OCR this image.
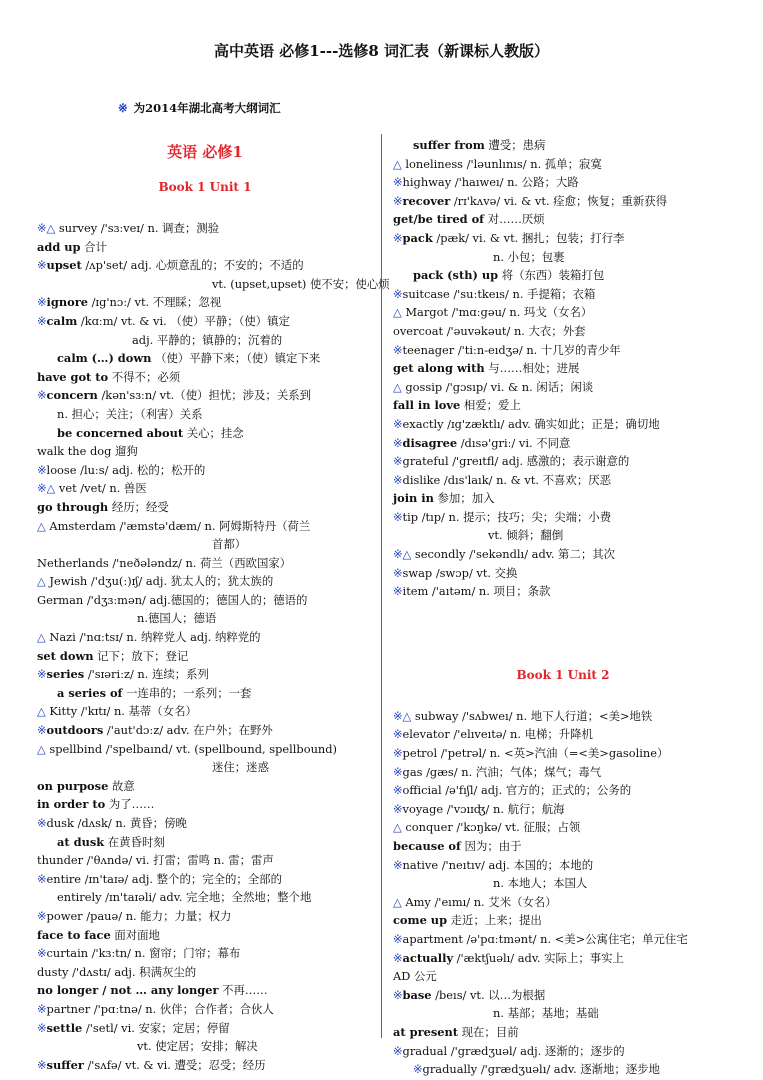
高中英语 必修1---选修8 词汇表（新课标人教版）
※ 为2014年湖北高考大纲词汇
英语 必修1
Book 1 Unit 1
※△ survey /'sɜːveɪ/ n. 调查；测验
add up 合计
※upset /ʌp'set/ adj. 心烦意乱的；不安的；不适的
vt. (upset,upset) 使不安；使心烦
※ignore /ɪg'nɔː/ vt. 不理睬；忽视
※calm /kɑːm/ vt. & vi. （使）平静；（使）镇定
adj. 平静的；镇静的；沉着的
calm (…) down （使）平静下来；（使）镇定下来
have got to 不得不；必须
※concern /kən'sɜːn/ vt.（使）担忧；涉及；关系到
n. 担心；关注；（利害）关系
be concerned about 关心；挂念
walk the dog 遛狗
※loose /luːs/ adj. 松的；松开的
※△ vet /vet/ n. 兽医
go through 经历；经受
△ Amsterdam /'æmstə'dæm/ n. 阿姆斯特丹（荷兰
首都）
Netherlands /'neðələndz/ n. 荷兰（西欧国家）
△ Jewish /'dʒu(ː)ɪʃ/ adj. 犹太人的；犹太族的
German /'dʒɜːmən/ adj.德国的；德国人的；德语的
n.德国人；德语
△ Nazi /'nɑːtsɪ/ n. 纳粹党人 adj. 纳粹党的
set down 记下；放下；登记
※series /'sɪəriːz/ n. 连续；系列
a series of 一连串的；一系列；一套
△ Kitty /'kɪtɪ/ n. 基蒂（女名）
※outdoors /'aut'dɔːz/ adv. 在户外；在野外
△ spellbind /'spelbaınd/ vt. (spellbound, spellbound)
迷住；迷惑
on purpose 故意
in order to 为了……
※dusk /dʌsk/ n. 黄昏；傍晚
at dusk 在黄昏时刻
thunder /'θʌndə/ vi. 打雷；雷鸣 n. 雷；雷声
※entire /ɪn'taɪə/ adj. 整个的；完全的；全部的
entirely /ɪn'taɪəli/ adv. 完全地；全然地；整个地
※power /pauə/ n. 能力；力量；权力
face to face 面对面地
※curtain /'kɜːtn/ n. 窗帘；门帘；幕布
dusty /'dʌstɪ/ adj. 积满灰尘的
no longer / not … any longer 不再……
※partner /'pɑːtnə/ n. 伙伴；合作者；合伙人
※settle /'setl/ vi. 安家；定居；停留
vt. 使定居；安排；解决
※suffer /'sʌfə/ vt. & vi. 遭受；忍受；经历
suffer from 遭受；患病
△ loneliness /'ləunlınıs/ n. 孤单；寂寞
※highway /'haıweı/ n. 公路；大路
※recover /rɪ'kʌvə/ vi. & vt. 痊愈；恢复；重新获得
get/be tired of 对……厌烦
※pack /pæk/ vi. & vt. 捆扎；包装；打行李
n. 小包；包裹
pack (sth) up 将（东西）装箱打包
※suitcase /'suːtkeıs/ n. 手提箱；衣箱
△ Margot /'mɑːgəu/ n. 玛戈（女名）
overcoat /'əuvəkəut/ n. 大衣；外套
※teenager /'tiːn-eıdʒə/ n. 十几岁的青少年
get along with 与……相处；进展
△ gossip /'gɔsıp/ vi. & n. 闲话；闲谈
fall in love 相爱；爱上
※exactly /ɪg'zæktlı/ adv. 确实如此；正是；确切地
※disagree /dısə'griː/ vi. 不同意
※grateful /'greıtfl/ adj. 感激的；表示谢意的
※dislike /dıs'laık/ n. & vt. 不喜欢；厌恶
join in 参加；加入
※tip /tıp/ n. 提示；技巧；尖；尖端；小费
vt. 倾斜；翻倒
※△ secondly /'sekəndlı/ adv. 第二；其次
※swap /swɔp/ vt. 交换
※item /'aıtəm/ n. 项目；条款
Book 1 Unit 2
※△ subway /'sʌbweı/ n. 地下人行道；<美>地铁
※elevator /'elıveıtə/ n. 电梯；升降机
※petrol /'petrəl/ n. <英>汽油（=<美>gasoline）
※gas /gæs/ n. 汽油；气体；煤气；毒气
※official /ə'fıʃl/ adj. 官方的；正式的；公务的
※voyage /'vɔıɪʤ/ n. 航行；航海
△ conquer /'kɔŋkə/ vt. 征服；占领
because of 因为；由于
※native /'neıtıv/ adj. 本国的；本地的
n. 本地人；本国人
△ Amy /'eımı/ n. 艾米（女名）
come up 走近；上来；提出
※apartment /ə'pɑːtmənt/ n. <美>公寓住宅；单元住宅
※actually /'æktʃuəlı/ adv. 实际上；事实上
AD 公元
※base /beıs/ vt. 以…为根据
n. 基部；基地；基础
at present 现在；目前
※gradual /'grædʒuəl/ adj. 逐渐的；逐步的
※gradually /'grædʒuəlı/ adv. 逐渐地；逐步地
